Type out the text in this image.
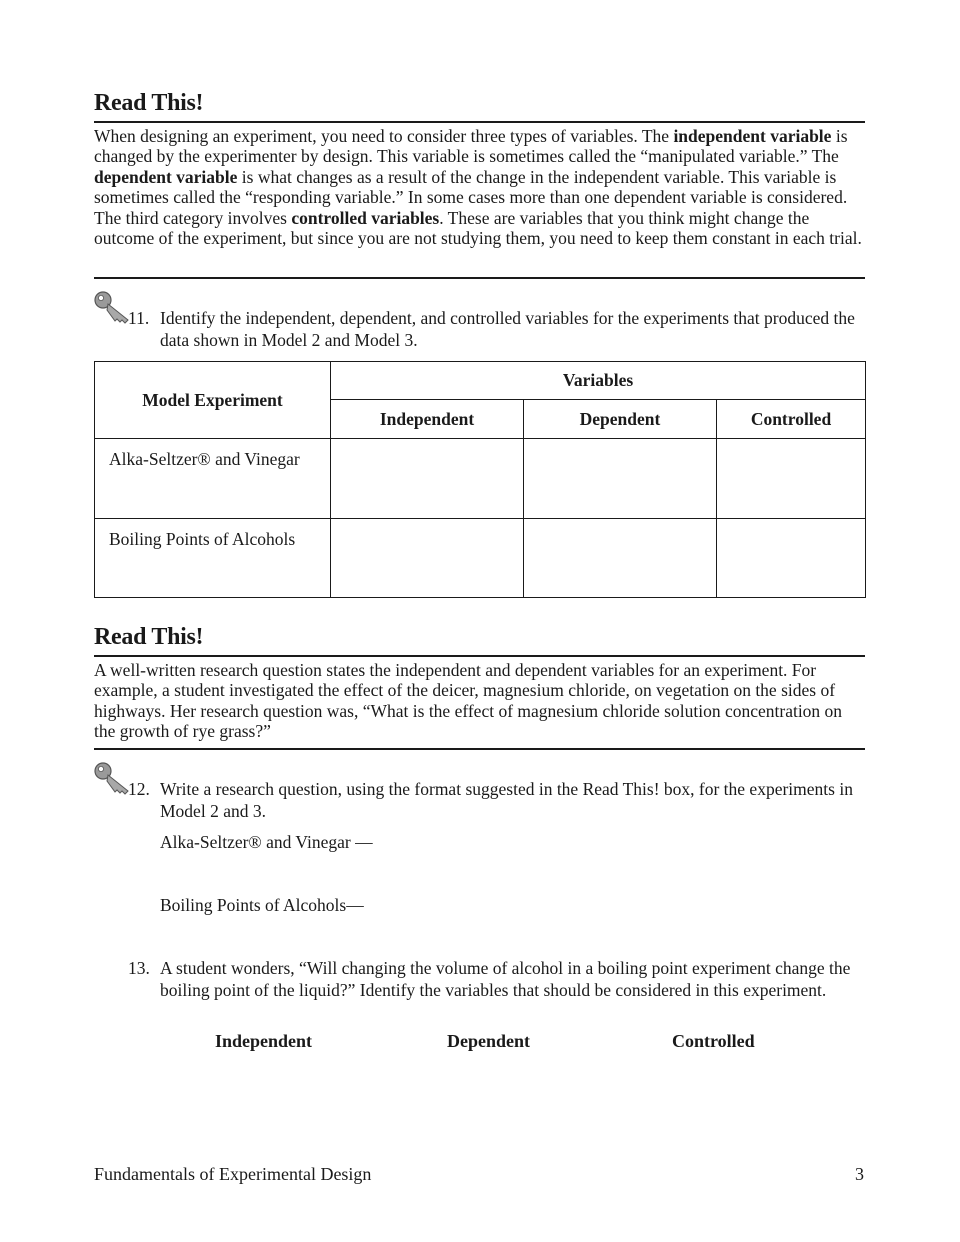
Read This!

When designing an experiment, you need to consider three types of variables. The independent variable is changed by the experimenter by design. This variable is sometimes called the “manipulated variable.” The dependent variable is what changes as a result of the change in the independent variable. This variable is sometimes called the “responding variable.” In some cases more than one dependent variable is considered. The third category involves controlled variables. These are variables that you think might change the outcome of the experiment, but since you are not studying them, you need to keep them constant in each trial.

11. Identify the independent, dependent, and controlled variables for the experiments that produced the data shown in Model 2 and Model 3.
Model Experiment	Variables		
	Independent	Dependent	Controlled
Alka-Seltzer® and Vinegar			
Boiling Points of Alcohols			
Read This!

A well-written research question states the independent and dependent variables for an experiment. For example, a student investigated the effect of the deicer, magnesium chloride, on vegetation on the sides of highways. Her research question was, “What is the effect of magnesium chloride solution concentration on the growth of rye grass?”

12. Write a research question, using the format suggested in the Read This! box, for the experiments in Model 2 and 3.
Alka-Seltzer® and Vinegar —
Boiling Points of Alcohols—
13. A student wonders, “Will changing the volume of alcohol in a boiling point experiment change the boiling point of the liquid?” Identify the variables that should be considered in this experiment.
Independent	Dependent	Controlled
Fundamentals of Experimental Design	3
